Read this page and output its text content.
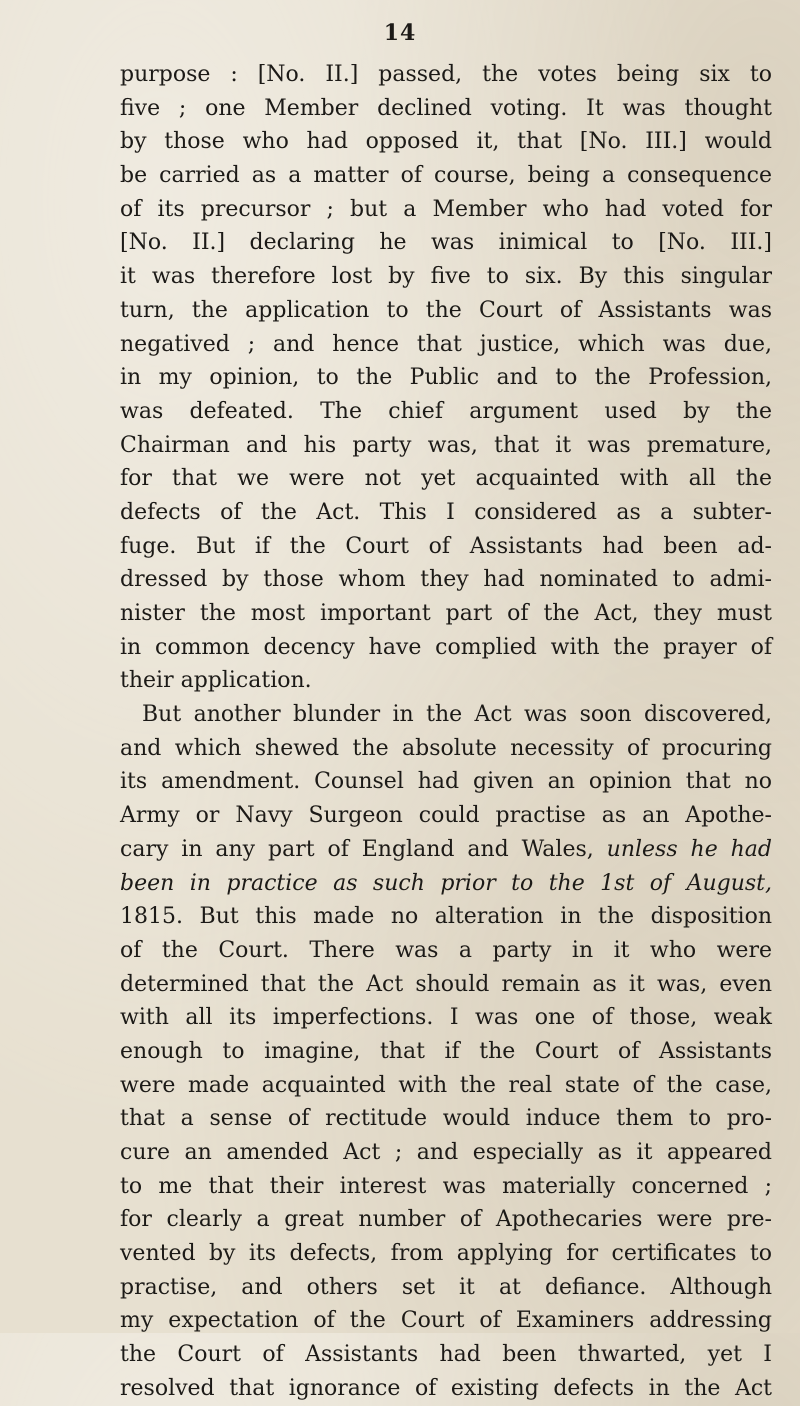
14
purpose : [No. II.] passed, the votes being six to
five ; one Member declined voting. It was thought
by those who had opposed it, that [No. III.] would
be carried as a matter of course, being a consequence
of its precursor ; but a Member who had voted for
[No. II.] declaring he was inimical to [No. III.]
it was therefore lost by five to six. By this singular
turn, the application to the Court of Assistants was
negatived ; and hence that justice, which was due,
in my opinion, to the Public and to the Profession,
was defeated. The chief argument used by the
Chairman and his party was, that it was premature,
for that we were not yet acquainted with all the
defects of the Act. This I considered as a subter-
fuge. But if the Court of Assistants had been ad-
dressed by those whom they had nominated to admi-
nister the most important part of the Act, they must
in common decency have complied with the prayer of
their application.
But another blunder in the Act was soon discovered,
and which shewed the absolute necessity of procuring
its amendment. Counsel had given an opinion that no
Army or Navy Surgeon could practise as an Apothe-
cary in any part of England and Wales, unless he had
been in practice as such prior to the 1st of August,
1815. But this made no alteration in the disposition
of the Court. There was a party in it who were
determined that the Act should remain as it was, even
with all its imperfections. I was one of those, weak
enough to imagine, that if the Court of Assistants
were made acquainted with the real state of the case,
that a sense of rectitude would induce them to pro-
cure an amended Act ; and especially as it appeared
to me that their interest was materially concerned ;
for clearly a great number of Apothecaries were pre-
vented by its defects, from applying for certificates to
practise, and others set it at defiance. Although
my expectation of the Court of Examiners addressing
the Court of Assistants had been thwarted, yet I
resolved that ignorance of existing defects in the Act
